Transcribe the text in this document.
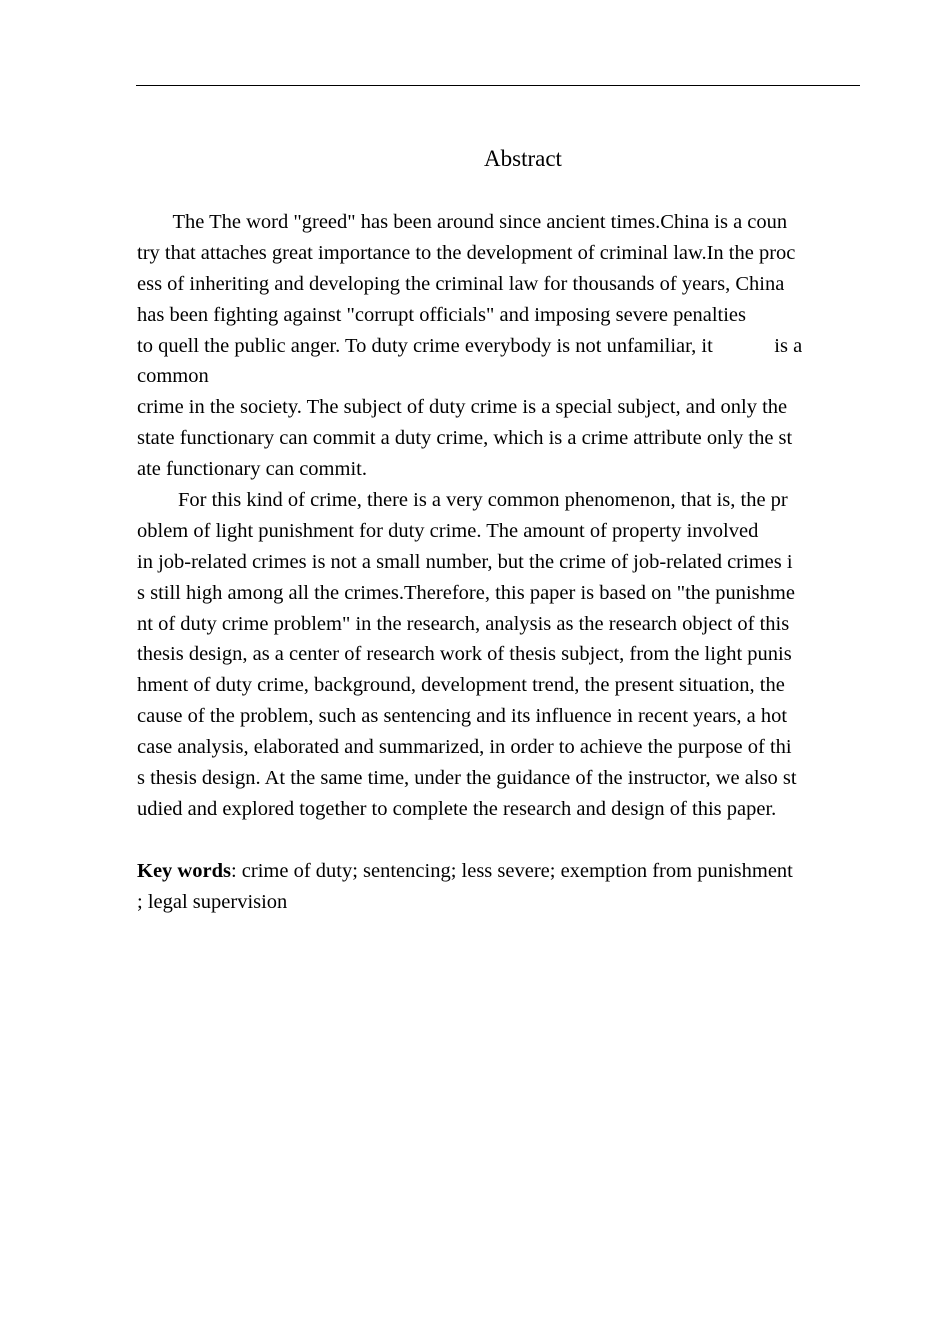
Abstract
The The word "greed" has been around since ancient times.China is a coun
try that attaches great importance to the development of criminal law.In the proc
ess of inheriting and developing the criminal law for thousands of years, China
has been fighting against "corrupt officials" and imposing severe penalties
to quell the public anger. To duty crime everybody is not unfamiliar, it            is a
common
crime in the society. The subject of duty crime is a special subject, and only the
state functionary can commit a duty crime, which is a crime attribute only the st
ate functionary can commit.
For this kind of crime, there is a very common phenomenon, that is, the pr
oblem of light punishment for duty crime. The amount of property involved
in job-related crimes is not a small number, but the crime of job-related crimes i
s still high among all the crimes.Therefore, this paper is based on "the punishme
nt of duty crime problem" in the research, analysis as the research object of this
thesis design, as a center of research work of thesis subject, from the light punis
hment of duty crime, background, development trend, the present situation, the
cause of the problem, such as sentencing and its influence in recent years, a hot
case analysis, elaborated and summarized, in order to achieve the purpose of thi
s thesis design. At the same time, under the guidance of the instructor, we also st
udied and explored together to complete the research and design of this paper.
Key words: crime of duty; sentencing; less severe; exemption from punishment
; legal supervision
